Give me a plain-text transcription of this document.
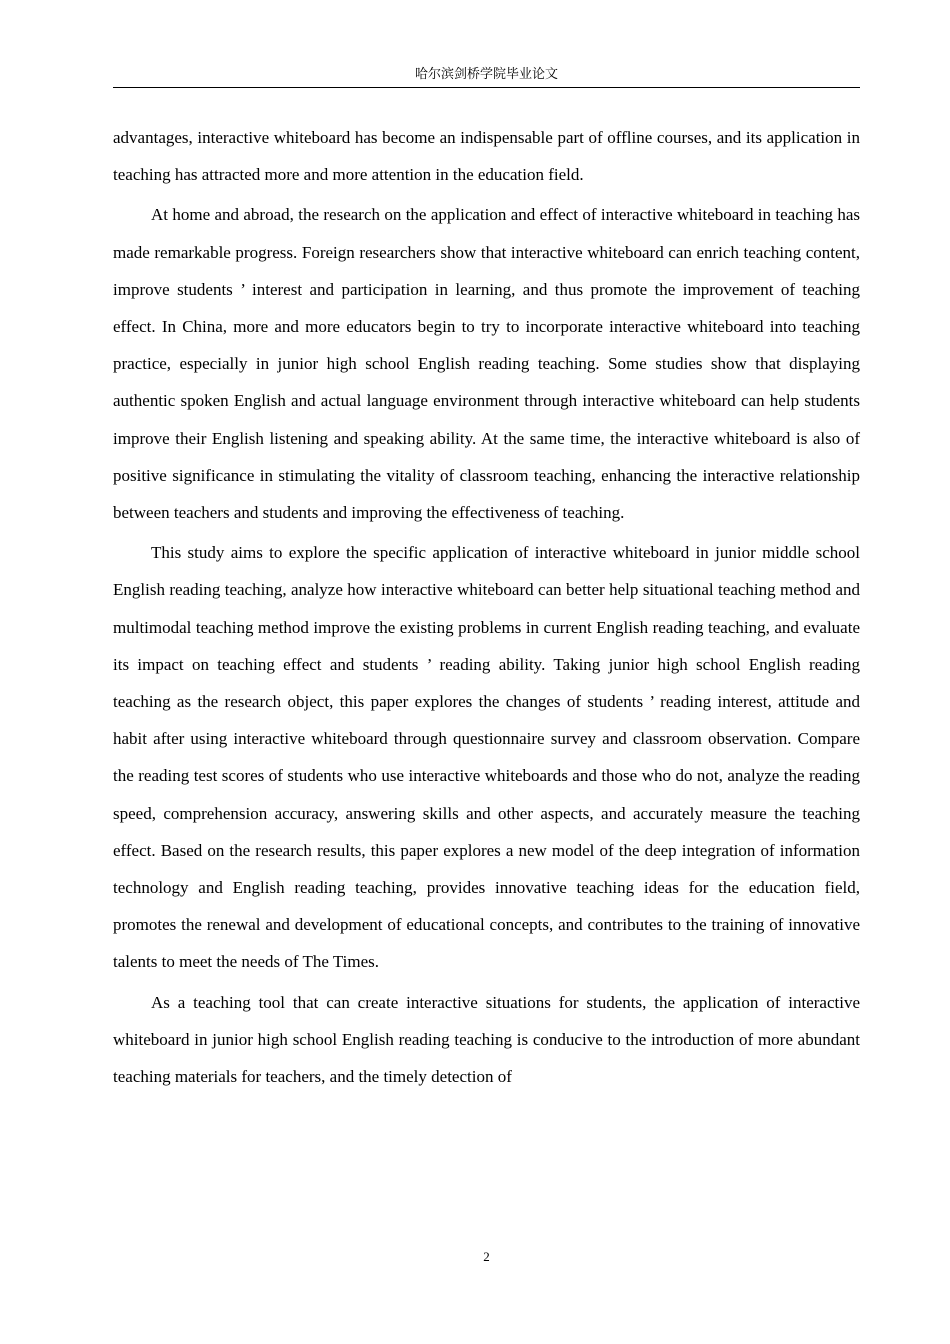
哈尔滨剑桥学院毕业论文

advantages, interactive whiteboard has become an indispensable part of offline courses, and its application in teaching has attracted more and more attention in the education field.

At home and abroad, the research on the application and effect of interactive whiteboard in teaching has made remarkable progress. Foreign researchers show that interactive whiteboard can enrich teaching content, improve students ’ interest and participation in learning, and thus promote the improvement of teaching effect. In China, more and more educators begin to try to incorporate interactive whiteboard into teaching practice, especially in junior high school English reading teaching. Some studies show that displaying authentic spoken English and actual language environment through interactive whiteboard can help students improve their English listening and speaking ability. At the same time, the interactive whiteboard is also of positive significance in stimulating the vitality of classroom teaching, enhancing the interactive relationship between teachers and students and improving the effectiveness of teaching.

This study aims to explore the specific application of interactive whiteboard in junior middle school English reading teaching, analyze how interactive whiteboard can better help situational teaching method and multimodal teaching method improve the existing problems in current English reading teaching, and evaluate its impact on teaching effect and students ’ reading ability. Taking junior high school English reading teaching as the research object, this paper explores the changes of students ’ reading interest, attitude and habit after using interactive whiteboard through questionnaire survey and classroom observation. Compare the reading test scores of students who use interactive whiteboards and those who do not, analyze the reading speed, comprehension accuracy, answering skills and other aspects, and accurately measure the teaching effect. Based on the research results, this paper explores a new model of the deep integration of information technology and English reading teaching, provides innovative teaching ideas for the education field, promotes the renewal and development of educational concepts, and contributes to the training of innovative talents to meet the needs of The Times.

As a teaching tool that can create interactive situations for students, the application of interactive whiteboard in junior high school English reading teaching is conducive to the introduction of more abundant teaching materials for teachers, and the timely detection of

2
